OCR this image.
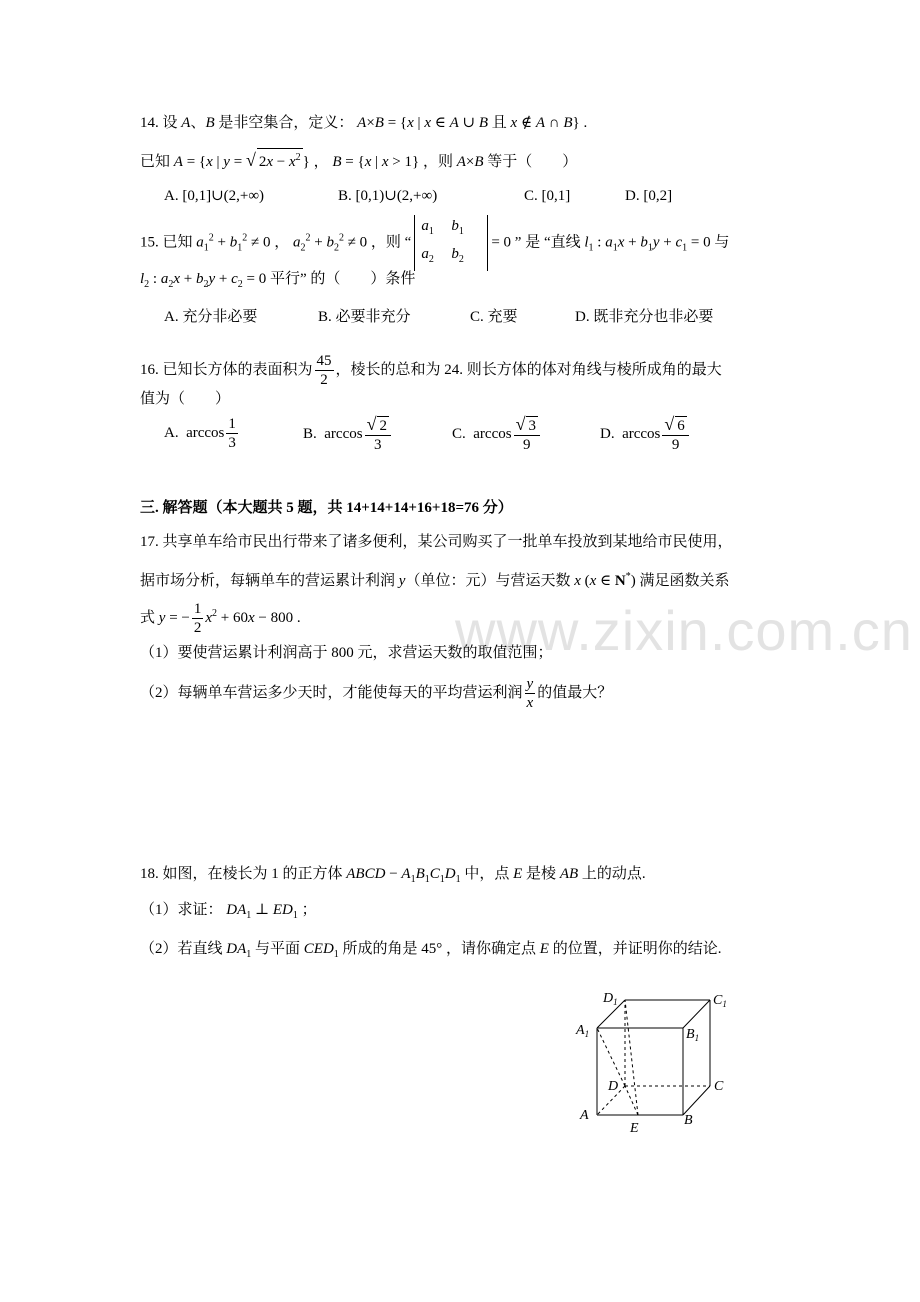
www.zixin.com.cn
14. 设 A、B 是非空集合，定义： A×B = {x | x ∈ A ∪ B 且 x ∉ A ∩ B} .
已知 A = {x | y = √ $2x - x^2$ } ， B = {x | x > 1} ，则 A×B 等于（　　）
A. [0,1]∪(2,+∞)	B. [0,1)∪(2,+∞)	C. [0,1]	D. [0,2]
15. 已知 $a_1^2 + b_1^2 \ne 0$ ， $a_2^2 + b_2^2 \ne 0$ ，则 “
$a_1$ $b_1$
$a_2$ $b_2$
= 0 ” 是 “直线 $l_1$ : $a_1x + b_1y + c_1 = 0$ 与
$l_2$ : $a_2x + b_2y + c_2 = 0$ 平行” 的（　　）条件
A. 充分非必要	B. 必要非充分	C. 充要	D. 既非充分也非必要
16. 已知长方体的表面积为 $\frac{45}{2}$ ，棱长的总和为 24. 则长方体的体对角线与棱所成角的最大
值为（　　）
A.  $\arccos \frac{1}{3}$	B.  $\arccos \frac{√ 2}{3}$	C.  $\arccos \frac{√ 3}{9}$	D.  $\arccos \frac{√ 6}{9}$
三. 解答题（本大题共 5 题，共 14+14+14+16+18=76 分）
17. 共享单车给市民出行带来了诸多便利，某公司购买了一批单车投放到某地给市民使用，
据市场分析，每辆单车的营运累计利润 y（单位：元）与营运天数 x (x ∈ N*) 满足函数关系
式 y = − $\frac{1}{2} x^2 + 60x - 800$ .
（1）要使营运累计利润高于 800 元，求营运天数的取值范围；
（2）每辆单车营运多少天时，才能使每天的平均营运利润 $\frac{y}{x}$ 的值最大？
18. 如图，在棱长为 1 的正方体 ABCD − $A_1B_1C_1D_1$ 中，点 E 是棱 AB 上的动点.
（1）求证： $DA_1$ ⊥ $ED_1$ ；
（2）若直线 $DA_1$ 与平面 $CED_1$ 所成的角是 45° ，请你确定点 E 的位置，并证明你的结论.
$D_1$	$C_1$
$A_1$	$B_1$
D	C
A	B
E
